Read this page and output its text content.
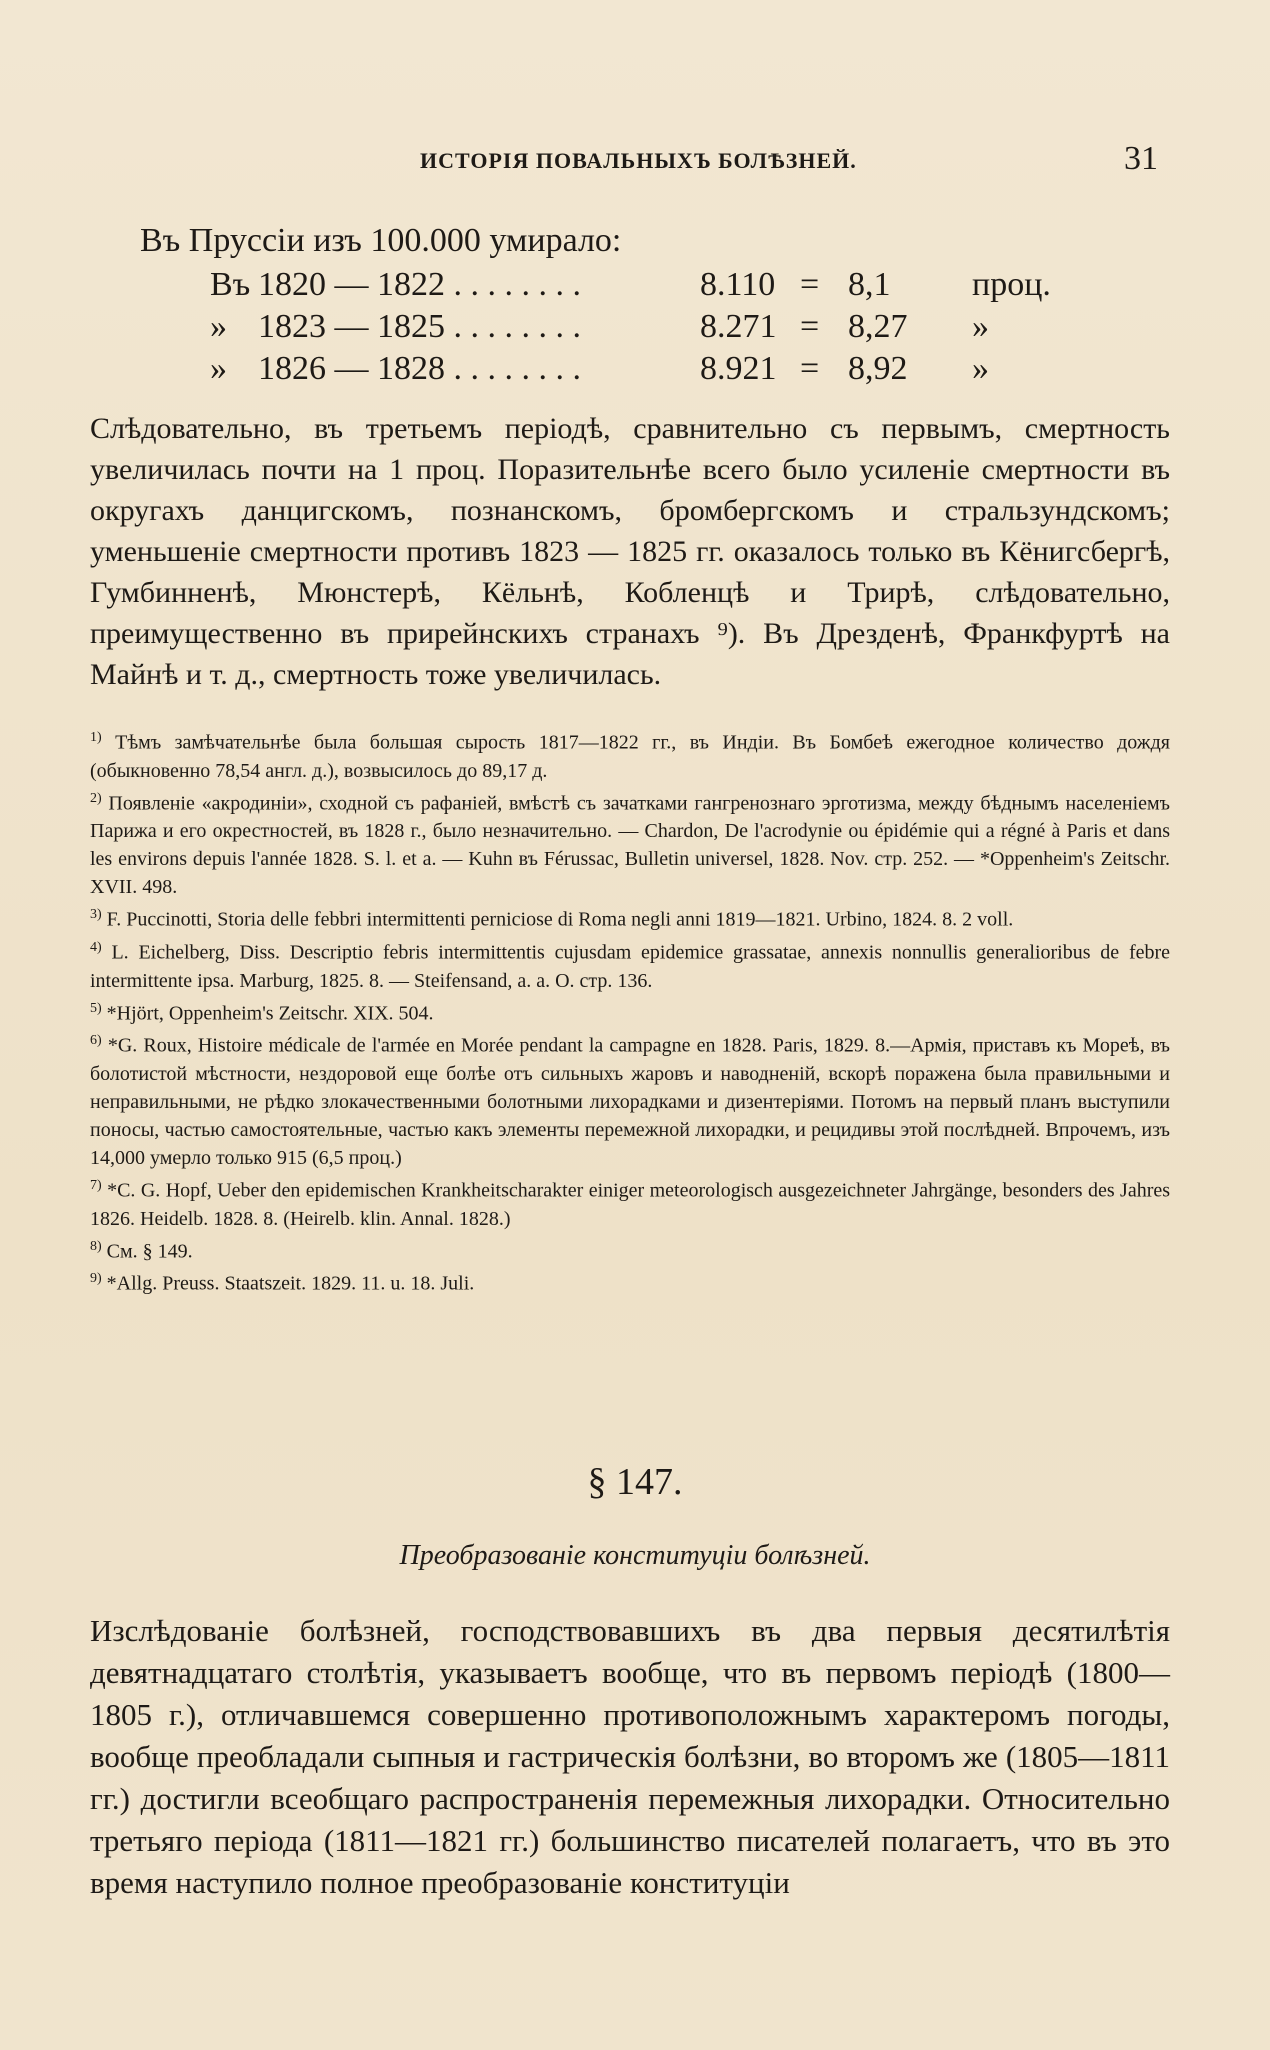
ИСТОРІЯ ПОВАЛЬНЫХЪ БОЛѢЗНЕЙ.	31
Въ Пруссіи изъ 100.000 умирало:
Въ 1820 — 1822 . . . . . . . .	8.110 = 8,1 проц.
» 1823 — 1825 . . . . . . . .	8.271 = 8,27 »
» 1826 — 1828 . . . . . . . .	8.921 = 8,92 »

Слѣдовательно, въ третьемъ періодѣ, сравнительно съ первымъ, смертность увеличилась почти на 1 проц. Поразительнѣе всего было усиленіе смертности въ округахъ данцигскомъ, познанскомъ, бромбергскомъ и стральзундскомъ; уменьшеніе смертности противъ 1823 — 1825 гг. оказалось только въ Кёнигсбергѣ, Гумбинненѣ, Мюнстерѣ, Кёльнѣ, Кобленцѣ и Трирѣ, слѣдовательно, преимущественно въ прирейнскихъ странахъ ⁹). Въ Дрезденѣ, Франкфуртѣ на Майнѣ и т. д., смертность тоже увеличилась.

$^{1)}$ Тѣмъ замѣчательнѣе была большая сырость 1817—1822 гг., въ Индіи. Въ Бомбеѣ ежегодное количество дождя (обыкновенно 78,54 англ. д.), возвысилось до 89,17 д.

$^{2)}$ Появленіе «акродиніи», сходной съ рафаніей, вмѣстѣ съ зачатками гангренознаго эрготизма, между бѣднымъ населеніемъ Парижа и его окрестностей, въ 1828 г., было незначительно. — Chardon, De l'acrodynie ou épidémie qui a régné à Paris et dans les environs depuis l'année 1828. S. l. et a. — Kuhn въ Férussac, Bulletin universel, 1828. Nov. стр. 252. — *Oppenheim's Zeitschr. XVII. 498.

$^{3)}$ F. Puccinotti, Storia delle febbri intermittenti perniciose di Roma negli anni 1819—1821. Urbino, 1824. 8. 2 voll.

$^{4)}$ L. Eichelberg, Diss. Descriptio febris intermittentis cujusdam epidemice grassatae, annexis nonnullis generalioribus de febre intermittente ipsa. Marburg, 1825. 8. — Steifensand, a. a. O. стр. 136.

$^{5)}$ *Hjört, Oppenheim's Zeitschr. XIX. 504.

$^{6)}$ *G. Roux, Histoire médicale de l'armée en Morée pendant la campagne en 1828. Paris, 1829. 8.—Армія, приставъ къ Мореѣ, въ болотистой мѣстности, нездоровой еще болѣе отъ сильныхъ жаровъ и наводненій, вскорѣ поражена была правильными и неправильными, не рѣдко злокачественными болотными лихорадками и дизентеріями. Потомъ на первый планъ выступили поносы, частью самостоятельные, частью какъ элементы перемежной лихорадки, и рецидивы этой послѣдней. Впрочемъ, изъ 14,000 умерло только 915 (6,5 проц.)

$^{7)}$ *C. G. Hopf, Ueber den epidemischen Krankheitscharakter einiger meteorologisch ausgezeichneter Jahrgänge, besonders des Jahres 1826. Heidelb. 1828. 8. (Heirelb. klin. Annal. 1828.)

$^{8)}$ См. § 149.

$^{9)}$ *Allg. Preuss. Staatszeit. 1829. 11. u. 18. Juli.

§ 147.
Преобразованіе конституціи болѣзней.

Изслѣдованіе болѣзней, господствовавшихъ въ два первыя десятилѣтія девятнадцатаго столѣтія, указываетъ вообще, что въ первомъ періодѣ (1800—1805 г.), отличавшемся совершенно противоположнымъ характеромъ погоды, вообще преобладали сыпныя и гастрическія болѣзни, во второмъ же (1805—1811 гг.) достигли всеобщаго распространенія перемежныя лихорадки. Относительно третьяго періода (1811—1821 гг.) большинство писателей полагаетъ, что въ это время наступило полное преобразованіе конституціи
